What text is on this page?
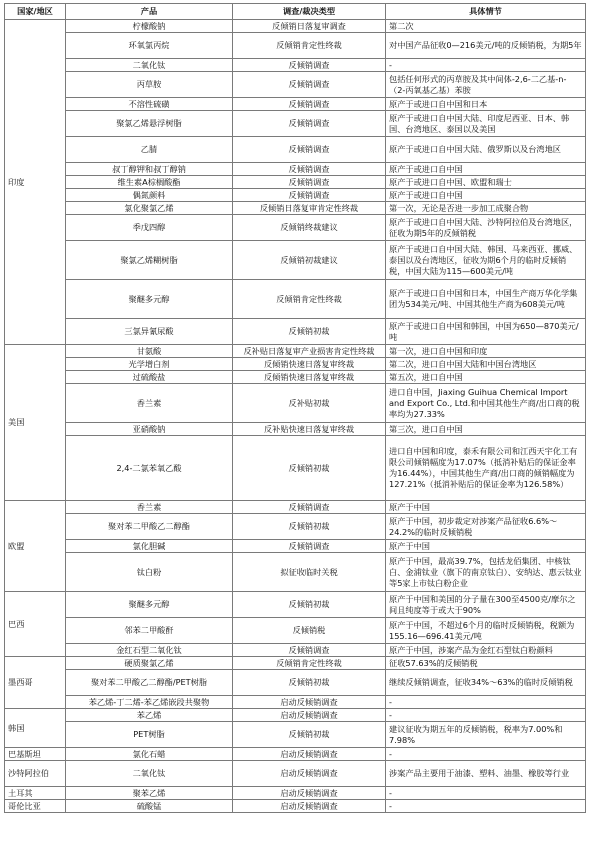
国家/地区	产品	调查/裁决类型	具体情节
印度	柠檬酸钠	反倾销日落复审调查	第二次
	环氧氯丙烷	反倾销肯定性终裁	对中国产品征收0—216美元/吨的反倾销税，为期5年
	二氧化钛	反倾销调查	-
	丙草胺	反倾销调查	包括任何形式的丙草胺及其中间体-2,6-二乙基-n-（2-丙氧基乙基）苯胺
	不溶性硫磺	反倾销调查	原产于或进口自中国和日本
	聚氯乙烯悬浮树脂	反倾销调查	原产于或进口自中国大陆、印度尼西亚、日本、韩国、台湾地区、泰国以及美国
	乙腈	反倾销调查	原产于或进口自中国大陆、俄罗斯以及台湾地区
	叔丁醇钾和叔丁醇钠	反倾销调查	原产于或进口自中国
	维生素A棕榈酸酯	反倾销调查	原产于或进口自中国、欧盟和瑞士
	偶氮颜料	反倾销调查	原产于或进口自中国
	氯化聚氯乙烯	反倾销日落复审肯定性终裁	第一次，无论是否进一步加工成聚合物
	季戊四醇	反倾销终裁建议	原产于或进口自中国大陆、沙特阿拉伯及台湾地区，征收为期5年的反倾销税
	聚氯乙烯糊树脂	反倾销初裁建议	原产于或进口自中国大陆、韩国、马来西亚、挪威、泰国以及台湾地区，征收为期6个月的临时反倾销税，中国大陆为115—600美元/吨
	聚醚多元醇	反倾销肯定性终裁	原产于或进口自中国和日本，中国生产商万华化学集团为534美元/吨、中国其他生产商为608美元/吨
	三氯异氰尿酸	反倾销初裁	原产于或进口自中国和韩国，中国为650—870美元/吨
美国	甘氨酸	反补贴日落复审产业损害肯定性终裁	第一次，进口自中国和印度
	光学增白剂	反倾销快速日落复审终裁	第二次，进口自中国大陆和中国台湾地区
	过硫酸盐	反倾销快速日落复审终裁	第五次，进口自中国
	香兰素	反补贴初裁	进口自中国，Jiaxing Guihua Chemical Import and Export Co., Ltd.和中国其他生产商/出口商的税率均为27.33%
	亚硝酸钠	反补贴快速日落复审终裁	第三次，进口自中国
	2,4-二氯苯氧乙酸	反倾销初裁	进口自中国和印度，泰禾有限公司和江西天宇化工有限公司倾销幅度为17.07%（抵消补贴后的保证金率为16.44%），中国其他生产商/出口商的倾销幅度为127.21%（抵消补贴后的保证金率为126.58%）
欧盟	香兰素	反倾销调查	原产于中国
	聚对苯二甲酸乙二醇酯	反倾销初裁	原产于中国，初步裁定对涉案产品征收6.6%～24.2%的临时反倾销税
	氯化胆碱	反倾销调查	原产于中国
	钛白粉	拟征收临时关税	原产于中国，最高39.7%，包括龙佰集团、中核钛白、金浦钛业（旗下的南京钛白）、安纳达、惠云钛业等5家上市钛白粉企业
巴西	聚醚多元醇	反倾销初裁	原产于中国和美国的分子量在300至4500克/摩尔之间且纯度等于或大于90%
	邻苯二甲酸酐	反倾销税	原产于中国，不超过6个月的临时反倾销税，税额为155.16—696.41美元/吨
	金红石型二氧化钛	反倾销调查	原产于中国，涉案产品为金红石型钛白粉颜料
墨西哥	硬质聚氯乙烯	反倾销肯定性终裁	征收57.63%的反倾销税
	聚对苯二甲酸乙二醇酯/PET树脂	反倾销初裁	继续反倾销调查，征收34%～63%的临时反倾销税
	苯乙烯-丁二烯-苯乙烯嵌段共聚物	启动反倾销调查	-
韩国	苯乙烯	启动反倾销调查	-
	PET树脂	反倾销初裁	建议征收为期五年的反倾销税，税率为7.00%和7.98%
巴基斯坦	氯化石蜡	启动反倾销调查	-
沙特阿拉伯	二氧化钛	启动反倾销调查	涉案产品主要用于油漆、塑料、油墨、橡胶等行业
土耳其	聚苯乙烯	启动反倾销调查	-
哥伦比亚	硫酸锰	启动反倾销调查	-
